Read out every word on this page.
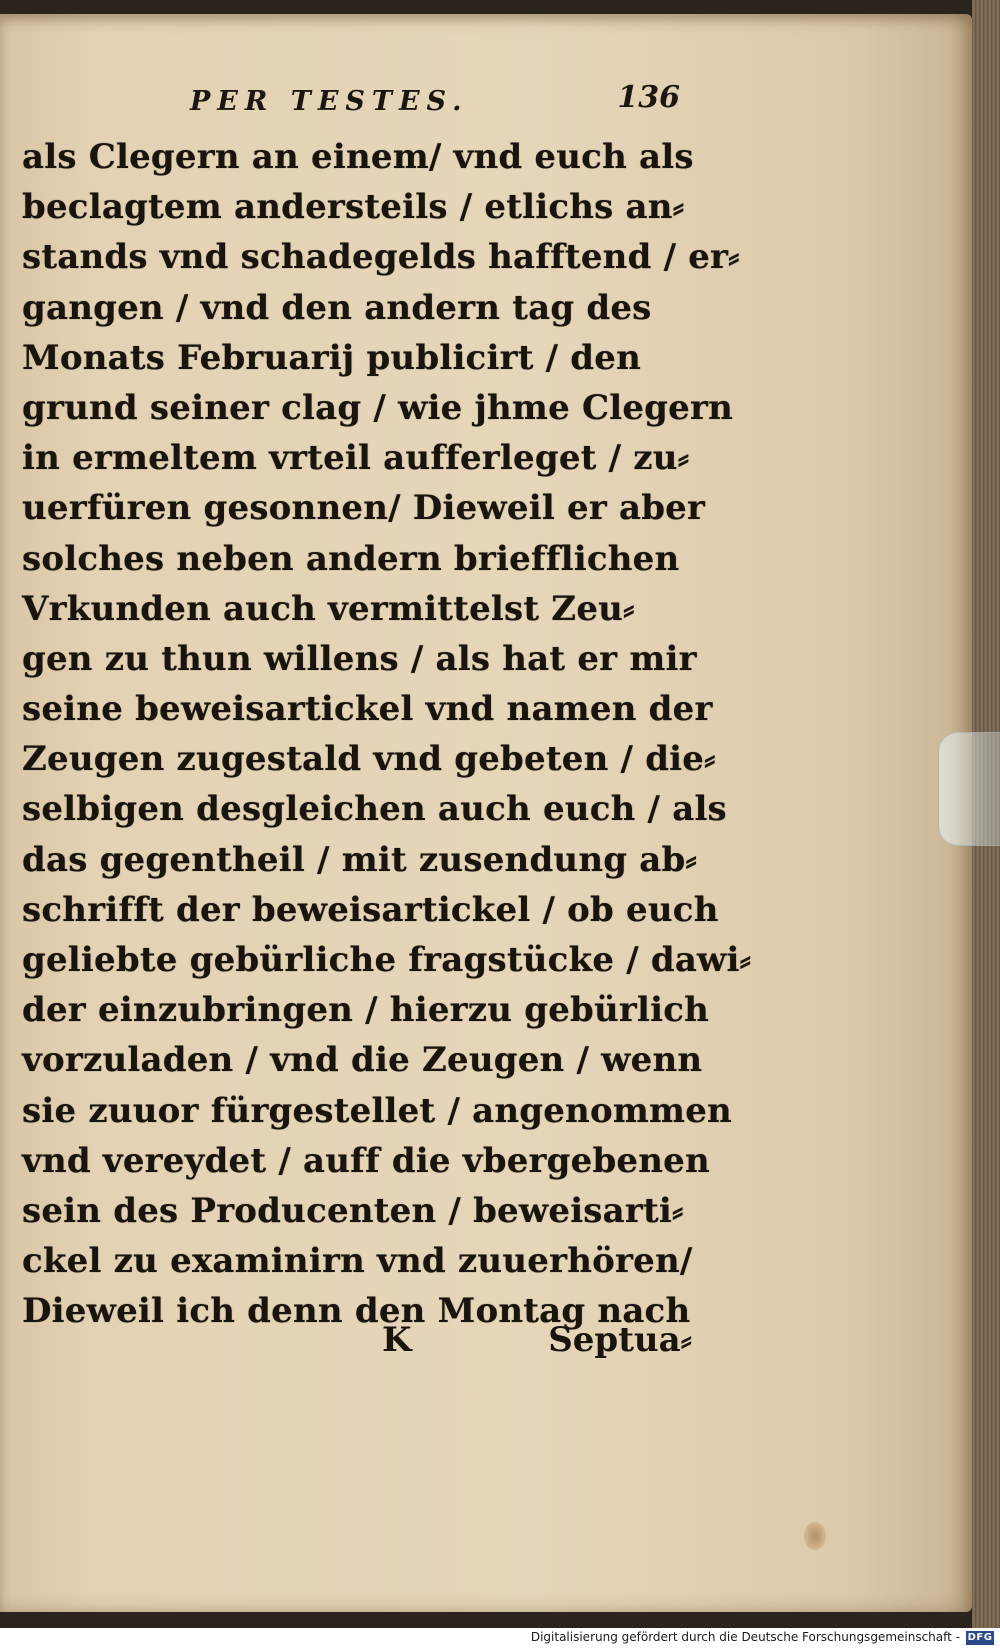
PER TESTES.	136
als Clegern an einem/ vnd euch als
beclagtem andersteils / etlichs an⸗
stands vnd schadegelds hafftend / er⸗
gangen / vnd den andern tag des
Monats Februarij publicirt / den
grund seiner clag / wie jhme Clegern
in ermeltem vrteil aufferleget / zu⸗
uerfüren gesonnen/ Dieweil er aber
solches neben andern briefflichen
Vrkunden auch vermittelst Zeu⸗
gen zu thun willens / als hat er mir
seine beweisartickel vnd namen der
Zeugen zugestald vnd gebeten / die⸗
selbigen desgleichen auch euch / als
das gegentheil / mit zusendung ab⸗
schrifft der beweisartickel / ob euch
geliebte gebürliche fragstücke / dawi⸗
der einzubringen / hierzu gebürlich
vorzuladen / vnd die Zeugen / wenn
sie zuuor fürgestellet / angenommen
vnd vereydet / auff die vbergebenen
sein des Producenten / beweisarti⸗
ckel zu examinirn vnd zuuerhören/
Dieweil ich denn den Montag nach
K	Septua⸗
Digitalisierung gefördert durch die Deutsche Forschungsgemeinschaft - DFG
